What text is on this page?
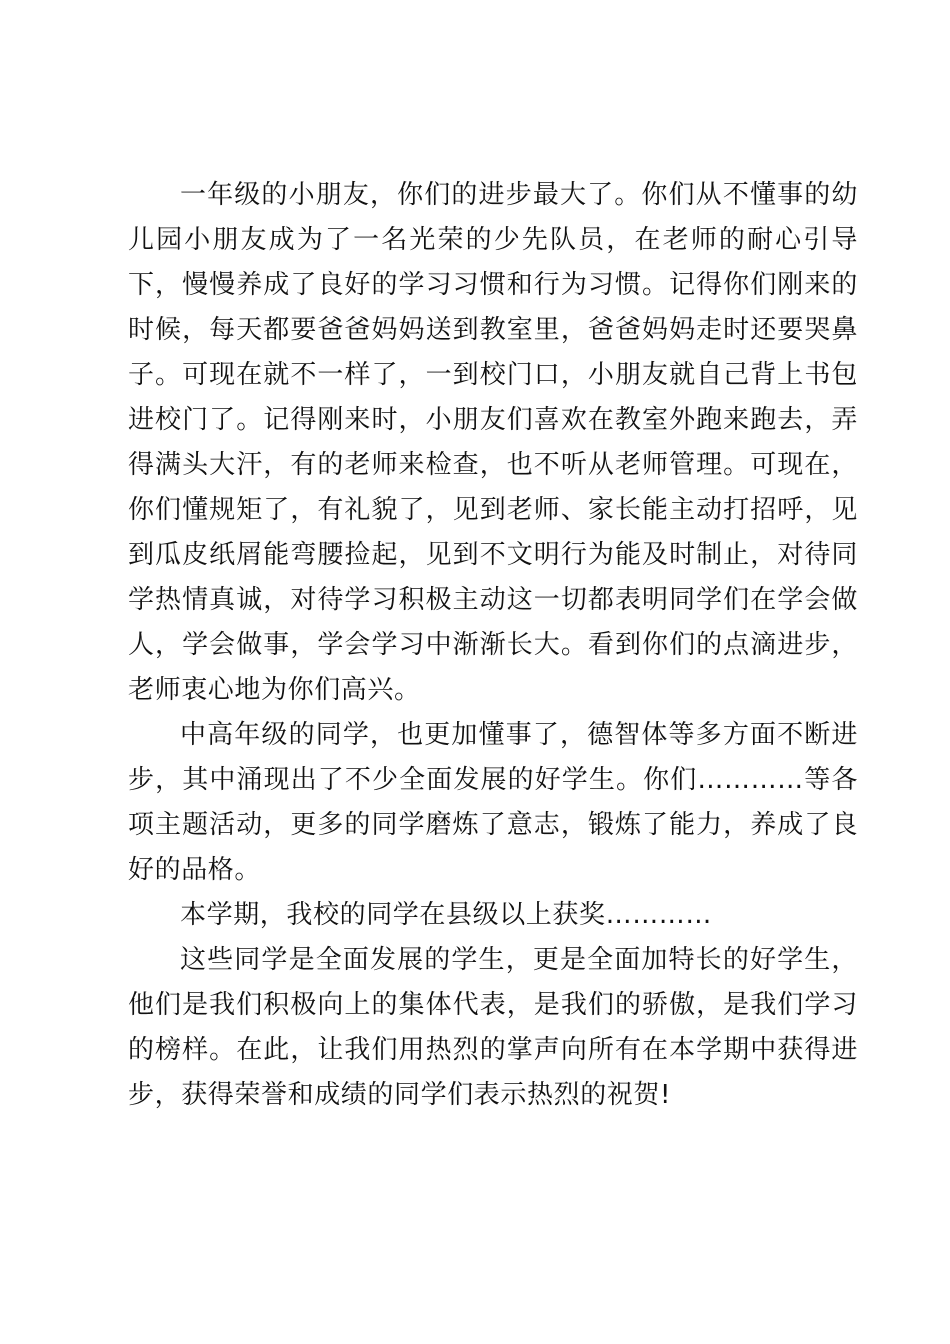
一年级的小朋友，你们的进步最大了。你们从不懂事的幼儿园小朋友成为了一名光荣的少先队员，在老师的耐心引导下，慢慢养成了良好的学习习惯和行为习惯。记得你们刚来的时候，每天都要爸爸妈妈送到教室里，爸爸妈妈走时还要哭鼻子。可现在就不一样了，一到校门口，小朋友就自己背上书包进校门了。记得刚来时，小朋友们喜欢在教室外跑来跑去，弄得满头大汗，有的老师来检查，也不听从老师管理。可现在，你们懂规矩了，有礼貌了，见到老师、家长能主动打招呼，见到瓜皮纸屑能弯腰捡起，见到不文明行为能及时制止，对待同学热情真诚，对待学习积极主动这一切都表明同学们在学会做人，学会做事，学会学习中渐渐长大。看到你们的点滴进步，老师衷心地为你们高兴。

中高年级的同学，也更加懂事了，德智体等多方面不断进步，其中涌现出了不少全面发展的好学生。你们…………等各项主题活动，更多的同学磨炼了意志，锻炼了能力，养成了良好的品格。

本学期，我校的同学在县级以上获奖…………

这些同学是全面发展的学生，更是全面加特长的好学生，他们是我们积极向上的集体代表，是我们的骄傲，是我们学习的榜样。在此，让我们用热烈的掌声向所有在本学期中获得进步，获得荣誉和成绩的同学们表示热烈的祝贺!
